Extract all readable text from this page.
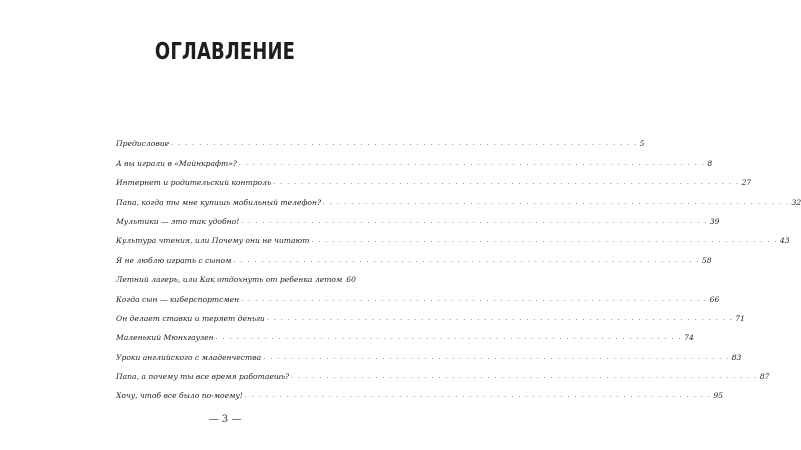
ОГЛАВЛЕНИЕ
Предисловие . . . . . . . . . . . . . . . . . . . . . . . . . . . . . . . . . . . . . . . . . . . . . . . . . . . . . . . . . . . . . . . . . . . 5
А вы играли в «Майнкрафт»? . . . . . . . . . . . . . . . . . . . . . . . . . . . . . . . . . . . . . . . . . . . . . . . . . . . . . . . . . . . . . . . . . . . 8
Интернет и родительский контроль . . . . . . . . . . . . . . . . . . . . . . . . . . . . . . . . . . . . . . . . . . . . . . . . . . . . . . . . . . . . . . . . . . . 27
Папа, когда ты мне купишь мобильный телефон? . . . . . . . . . . . . . . . . . . . . . . . . . . . . . . . . . . . . . . . . . . . . . . . . . . . . . . . . . . . . . . . . . . . 32
Мультики — это так удобно! . . . . . . . . . . . . . . . . . . . . . . . . . . . . . . . . . . . . . . . . . . . . . . . . . . . . . . . . . . . . . . . . . . . 39
Культура чтения, или Почему они не читают . . . . . . . . . . . . . . . . . . . . . . . . . . . . . . . . . . . . . . . . . . . . . . . . . . . . . . . . . . . . . . . . . . . 43
Я не люблю играть с сыном . . . . . . . . . . . . . . . . . . . . . . . . . . . . . . . . . . . . . . . . . . . . . . . . . . . . . . . . . . . . . . . . . . . 58
Летний лагерь, или Как отдохнуть от ребенка летом 60
Когда сын — киберспортсмен . . . . . . . . . . . . . . . . . . . . . . . . . . . . . . . . . . . . . . . . . . . . . . . . . . . . . . . . . . . . . . . . . . . 66
Он делает ставки и теряет деньги . . . . . . . . . . . . . . . . . . . . . . . . . . . . . . . . . . . . . . . . . . . . . . . . . . . . . . . . . . . . . . . . . . . 71
Маленький Мюнхгаузен . . . . . . . . . . . . . . . . . . . . . . . . . . . . . . . . . . . . . . . . . . . . . . . . . . . . . . . . . . . . . . . . . . . 74
Уроки английского с младенчества . . . . . . . . . . . . . . . . . . . . . . . . . . . . . . . . . . . . . . . . . . . . . . . . . . . . . . . . . . . . . . . . . . . 83
Папа, а почему ты все время работаешь? . . . . . . . . . . . . . . . . . . . . . . . . . . . . . . . . . . . . . . . . . . . . . . . . . . . . . . . . . . . . . . . . . . . 87
Хочу, чтоб все было по-моему! . . . . . . . . . . . . . . . . . . . . . . . . . . . . . . . . . . . . . . . . . . . . . . . . . . . . . . . . . . . . . . . . . . . 95
— 3 —
